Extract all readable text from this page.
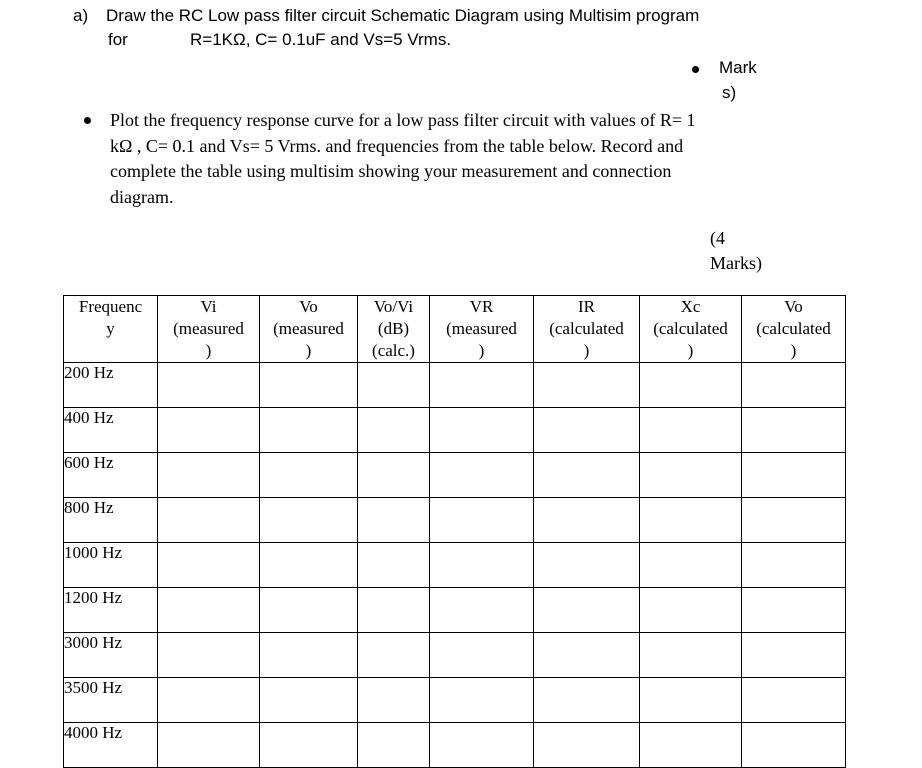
a) Draw the RC Low pass filter circuit Schematic Diagram using Multisim program
for	R=1KΩ, C= 0.1uF and Vs=5 Vrms.
Mark
s)
Plot the frequency response curve for a low pass filter circuit with values of R= 1
kΩ , C= 0.1 and Vs= 5 Vrms. and frequencies from the table below. Record and
complete the table using multisim showing your measurement and connection
diagram.
(4
Marks)
Frequenc
y	Vi
(measured
)	Vo
(measured
)	Vo/Vi
(dB)
(calc.)	VR
(measured
)	IR
(calculated
)	Xc
(calculated
)	Vo
(calculated
)

200 Hz							
400 Hz							
600 Hz							
800 Hz							
1000 Hz							
1200 Hz							
3000 Hz							
3500 Hz							
4000 Hz							
